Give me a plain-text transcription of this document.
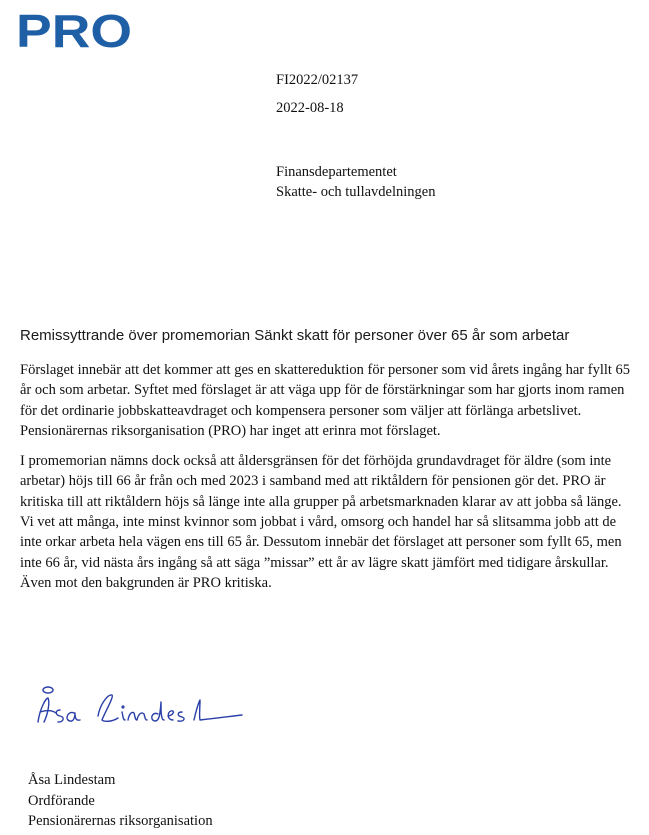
PRO
FI2022/02137
2022-08-18
Finansdepartementet
Skatte- och tullavdelningen
Remissyttrande över promemorian Sänkt skatt för personer över 65 år som arbetar

Förslaget innebär att det kommer att ges en skattereduktion för personer som vid årets ingång har fyllt 65 år och som arbetar. Syftet med förslaget är att väga upp för de förstärkningar som har gjorts inom ramen för det ordinarie jobbskatteavdraget och kompensera personer som väljer att förlänga arbetslivet. Pensionärernas riksorganisation (PRO) har inget att erinra mot förslaget.

I promemorian nämns dock också att åldersgränsen för det förhöjda grundavdraget för äldre (som inte arbetar) höjs till 66 år från och med 2023 i samband med att riktåldern för pensionen gör det. PRO är kritiska till att riktåldern höjs så länge inte alla grupper på arbetsmarknaden klarar av att jobba så länge. Vi vet att många, inte minst kvinnor som jobbat i vård, omsorg och handel har så slitsamma jobb att de inte orkar arbeta hela vägen ens till 65 år. Dessutom innebär det förslaget att personer som fyllt 65, men inte 66 år, vid nästa års ingång så att säga ”missar” ett år av lägre skatt jämfört med tidigare årskullar. Även mot den bakgrunden är PRO kritiska.

Åsa Lindestam
Ordförande
Pensionärernas riksorganisation
